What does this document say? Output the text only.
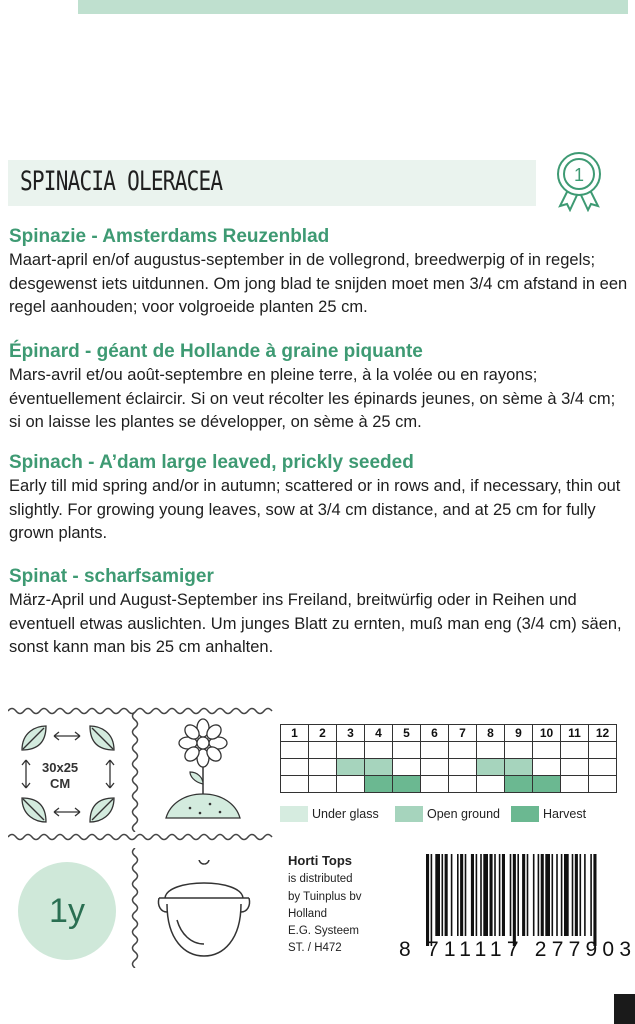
SPINACIA OLERACEA	1
Spinazie - Amsterdams Reuzenblad

Maart-april en/of augustus-september in de vollegrond, breedwerpig of in regels; desgewenst iets uitdunnen. Om jong blad te snijden moet men 3/4 cm afstand in een regel aanhouden; voor volgroeide planten 25 cm.

Épinard - géant de Hollande à graine piquante

Mars-avril et/ou août-septembre en pleine terre, à la volée ou en rayons; éventuellement éclaircir. Si on veut récolter les épinards jeunes, on sème à 3/4 cm; si on laisse les plantes se développer, on sème à 25 cm.

Spinach - A’dam large leaved, prickly seeded

Early till mid spring and/or in autumn; scattered or in rows and, if necessary, thin out slightly. For growing young leaves, sow at 3/4 cm distance, and at 25 cm for fully grown plants.

Spinat - scharfsamiger

März-April und August-September ins Freiland, breitwürfig oder in Reihen und eventuell etwas auslichten. Um junges Blatt zu ernten, muß man eng (3/4 cm) säen, sonst kann man bis 25 cm anhalten.

30x25
CM
1y
1	2	3	4	5	6	7	8	9	10	11	12

Under glass	Open ground	Harvest
Horti Tops
is distributed
by Tuinplus bv
Holland
E.G. Systeem
ST. / H472	8 711117 277903
